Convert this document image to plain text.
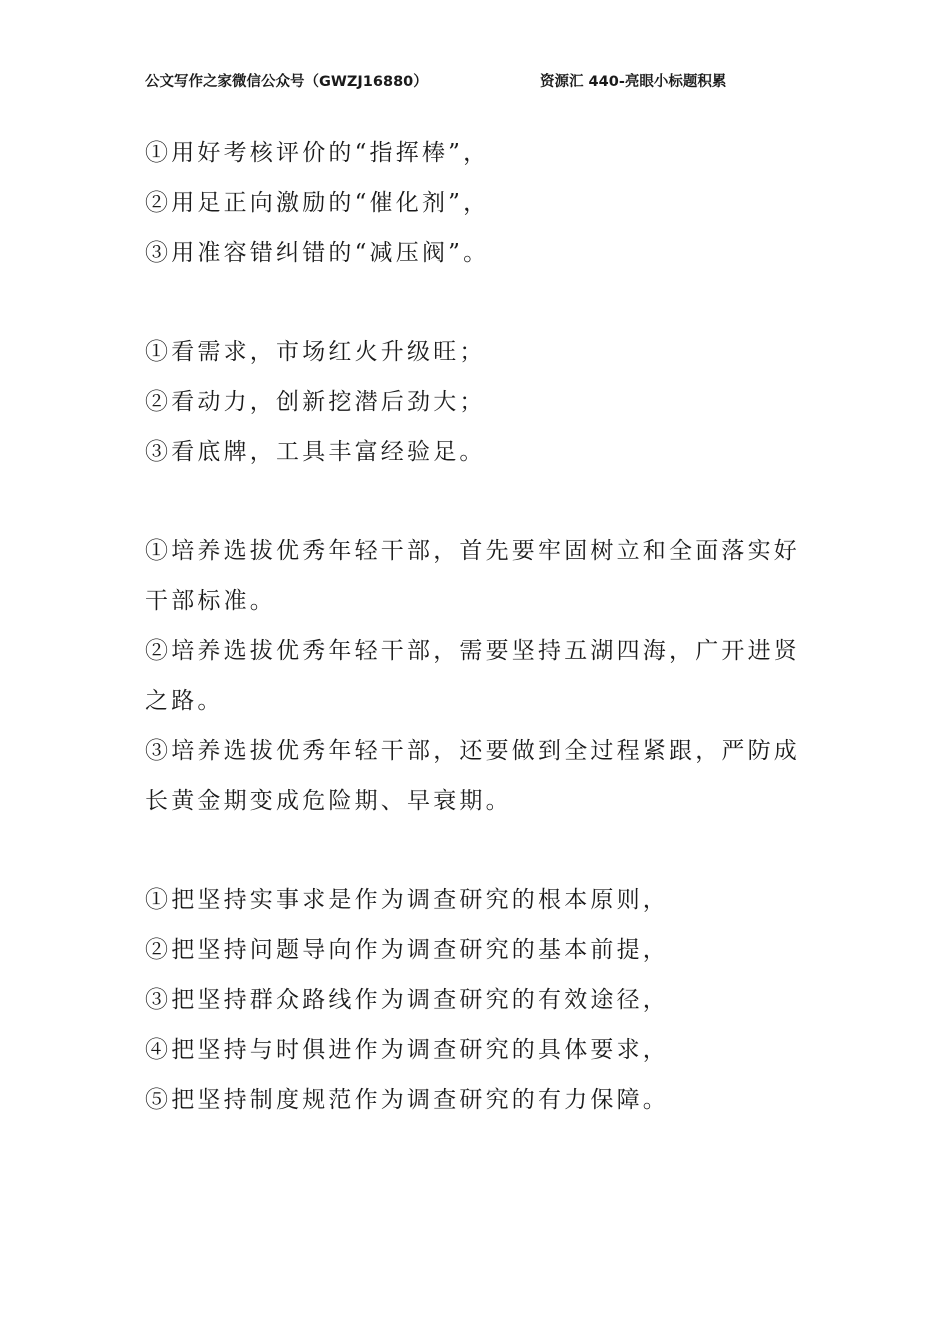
公文写作之家微信公众号（GWZJ16880）	资源汇 440-亮眼小标题积累

①用好考核评价的“指挥棒”，

②用足正向激励的“催化剂”，

③用准容错纠错的“减压阀”。

①看需求，市场红火升级旺；

②看动力，创新挖潜后劲大；

③看底牌，工具丰富经验足。

①培养选拔优秀年轻干部，首先要牢固树立和全面落实好干部标准。

②培养选拔优秀年轻干部，需要坚持五湖四海，广开进贤之路。

③培养选拔优秀年轻干部，还要做到全过程紧跟，严防成长黄金期变成危险期、早衰期。

①把坚持实事求是作为调查研究的根本原则，

②把坚持问题导向作为调查研究的基本前提，

③把坚持群众路线作为调查研究的有效途径，

④把坚持与时俱进作为调查研究的具体要求，

⑤把坚持制度规范作为调查研究的有力保障。
